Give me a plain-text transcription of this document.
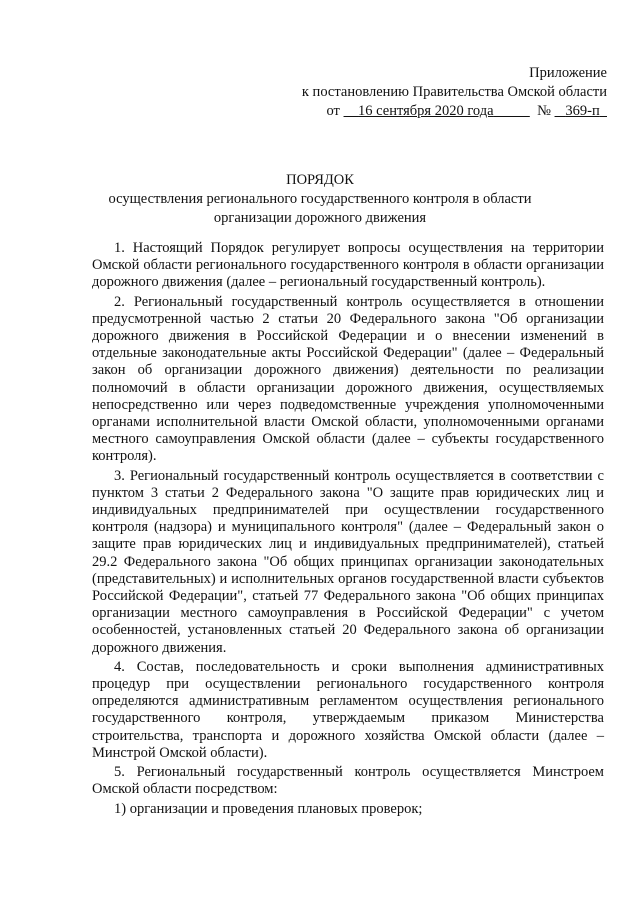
Приложение
к постановлению Правительства Омской области
от 16 сентября 2020 года	№ 369-п
ПОРЯДОК
осуществления регионального государственного контроля в области
организации дорожного движения

1. Настоящий Порядок регулирует вопросы осуществления на территории Омской области регионального государственного контроля в области организации дорожного движения (далее – региональный государственный контроль).

2. Региональный государственный контроль осуществляется в отношении предусмотренной частью 2 статьи 20 Федерального закона "Об организации дорожного движения в Российской Федерации и о внесении изменений в отдельные законодательные акты Российской Федерации" (далее – Федеральный закон об организации дорожного движения) деятельности по реализации полномочий в области организации дорожного движения, осуществляемых непосредственно или через подведомственные учреждения уполномоченными органами исполнительной власти Омской области, уполномоченными органами местного самоуправления Омской области (далее – субъекты государственного контроля).

3. Региональный государственный контроль осуществляется в соответствии с пунктом 3 статьи 2 Федерального закона "О защите прав юридических лиц и индивидуальных предпринимателей при осуществлении государственного контроля (надзора) и муниципального контроля" (далее – Федеральный закон о защите прав юридических лиц и индивидуальных предпринимателей), статьей 29.2 Федерального закона "Об общих принципах организации законодательных (представительных) и исполнительных органов государственной власти субъектов Российской Федерации", статьей 77 Федерального закона "Об общих принципах организации местного самоуправления в Российской Федерации" с учетом особенностей, установленных статьей 20 Федерального закона об организации дорожного движения.

4. Состав, последовательность и сроки выполнения административных процедур при осуществлении регионального государственного контроля определяются административным регламентом осуществления регионального государственного контроля, утверждаемым приказом Министерства строительства, транспорта и дорожного хозяйства Омской области (далее – Минстрой Омской области).

5. Региональный государственный контроль осуществляется Минстроем Омской области посредством:

1) организации и проведения плановых проверок;
